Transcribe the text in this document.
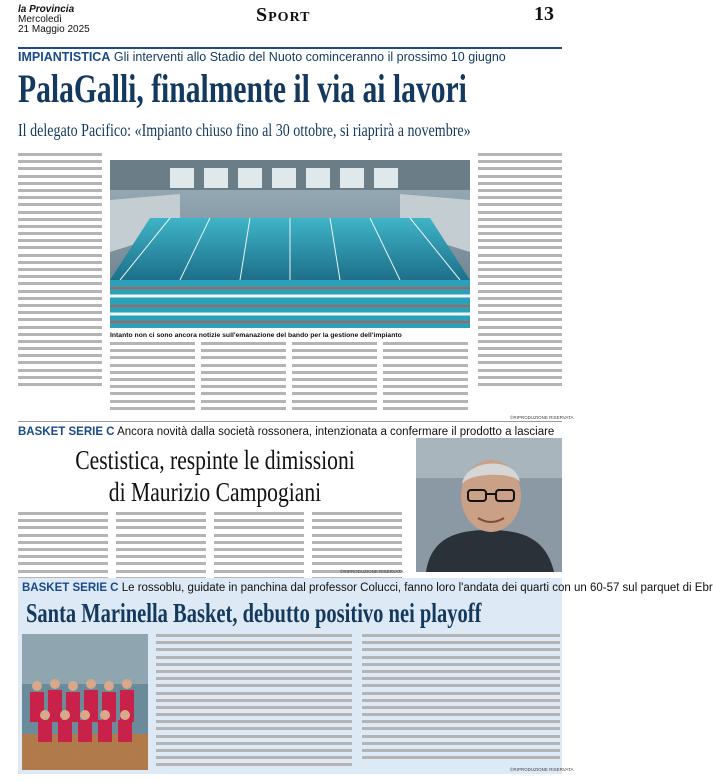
la Provincia
Mercoledì
21 Maggio 2025
Sport	13
IMPIANTISTICA Gli interventi allo Stadio del Nuoto cominceranno il prossimo 10 giugno
PalaGalli, finalmente il via ai lavori
Il delegato Pacifico: «Impianto chiuso fino al 30 ottobre, si riaprirà a novembre»
Intanto non ci sono ancora notizie sull'emanazione del bando per la gestione dell'impianto
©RIPRODUZIONE RISERVATA
BASKET SERIE C Ancora novità dalla società rossonera, intenzionata a confermare il prodotto a lasciare
Cestistica, respinte le dimissioni
di Maurizio Campogiani
©RIPRODUZIONE RISERVATA
BASKET SERIE C Le rossoblu, guidate in panchina dal professor Colucci, fanno loro l'andata dei quarti con un 60-57 sul parquet di Ebr
Santa Marinella Basket, debutto positivo nei playoff
©RIPRODUZIONE RISERVATA
